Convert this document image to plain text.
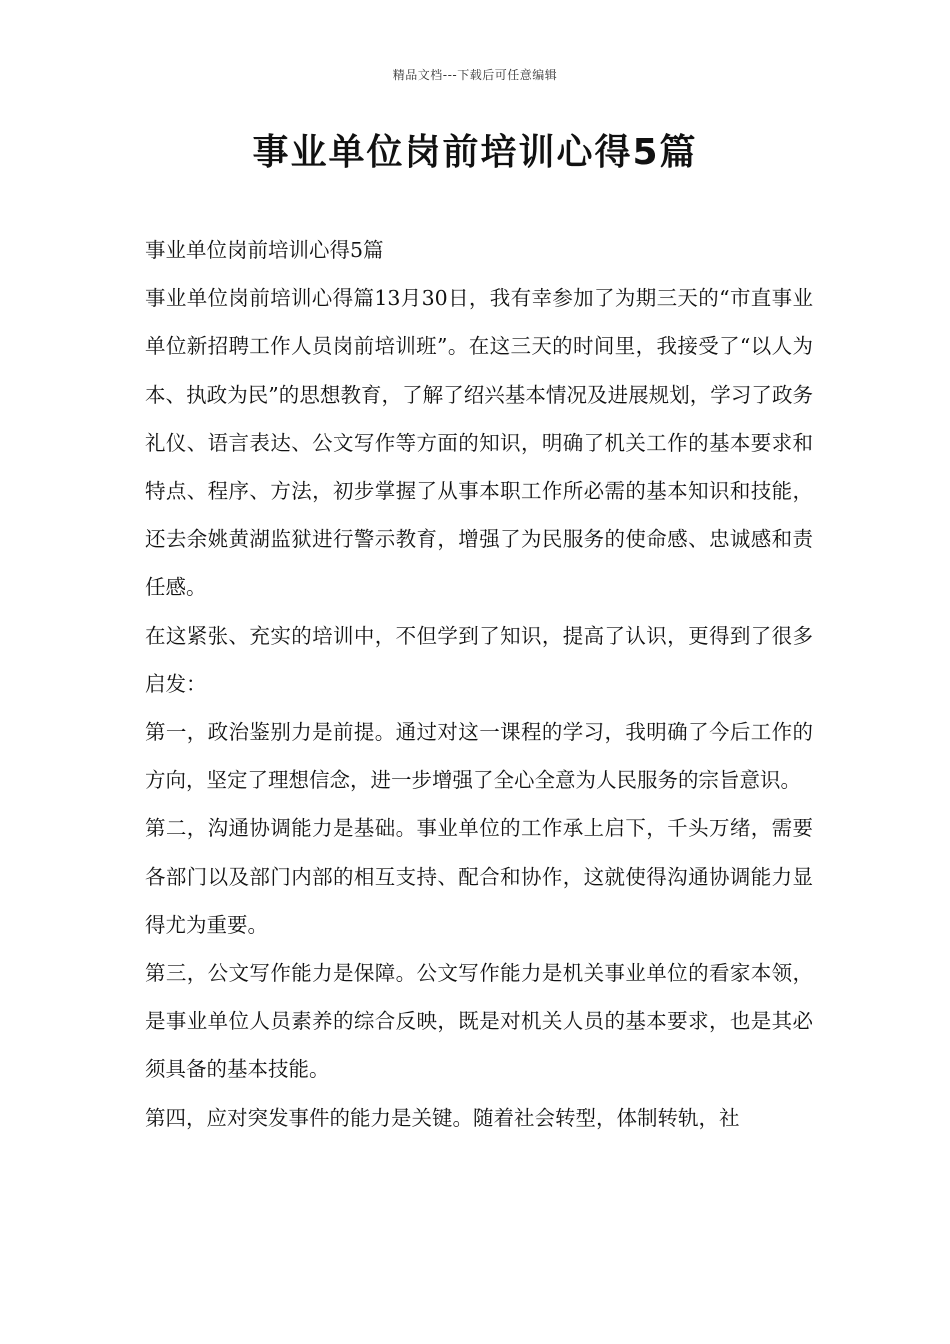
精品文档---下载后可任意编辑
事业单位岗前培训心得5篇

事业单位岗前培训心得5篇

事业单位岗前培训心得篇13月30日，我有幸参加了为期三天的“市直事业单位新招聘工作人员岗前培训班”。在这三天的时间里，我接受了“以人为本、执政为民”的思想教育，了解了绍兴基本情况及进展规划，学习了政务礼仪、语言表达、公文写作等方面的知识，明确了机关工作的基本要求和特点、程序、方法，初步掌握了从事本职工作所必需的基本知识和技能，还去余姚黄湖监狱进行警示教育，增强了为民服务的使命感、忠诚感和责任感。

在这紧张、充实的培训中，不但学到了知识，提高了认识，更得到了很多启发：

第一，政治鉴别力是前提。通过对这一课程的学习，我明确了今后工作的方向，坚定了理想信念，进一步增强了全心全意为人民服务的宗旨意识。

第二，沟通协调能力是基础。事业单位的工作承上启下，千头万绪，需要各部门以及部门内部的相互支持、配合和协作，这就使得沟通协调能力显得尤为重要。

第三，公文写作能力是保障。公文写作能力是机关事业单位的看家本领，是事业单位人员素养的综合反映，既是对机关人员的基本要求，也是其必须具备的基本技能。

第四，应对突发事件的能力是关键。随着社会转型，体制转轨，社
